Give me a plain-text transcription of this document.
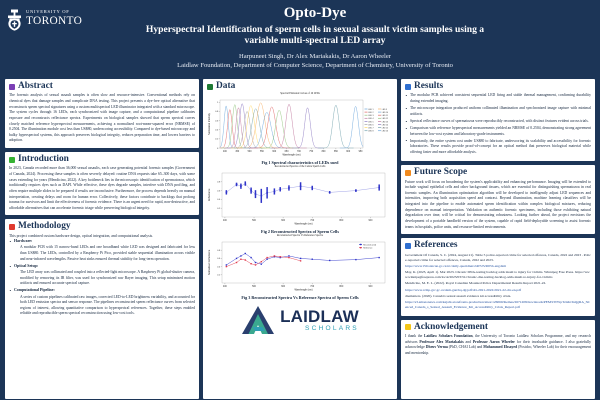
UNIVERSITY OF
TORONTO	Opto-Dye
Hyperspectral Identification of sperm cells in sexual assault victim samples using a variable multi-spectral LED array
Harpuneet Singh, Dr Alex Mariakakis, Dr Aaron Wheeler
Laidlaw Foundation, Department of Computer Science, Department of Chemistry, University of Toronto
Abstract
The forensic analysis of sexual assault samples is often slow and resource-intensive. Conventional methods rely on chemical dyes that damage samples and complicate DNA testing. This project presents a dye-free optical alternative that reconstructs sperm spectral signatures using a custom multispectral LED illuminator integrated with a standard microscope. The system cycles through 16 LEDs, each synchronized with image capture, and a computational pipeline calibrates exposure and reconstructs reflectance spectra. Experiments on biological samples showed that sperm spectral curves closely matched reference hyperspectral measurements, achieving a normalized root-mean-squared error (NRMSE) of 0.2504. The illumination module cost less than US$80, underscoring accessibility. Compared to dye-based microscopy and bulky hyperspectral systems, this approach preserves biological integrity, reduces preparation time, and lowers barriers to adoption.
Introduction
In 2023, Canada recorded more than 36,000 sexual assaults, each case generating potential forensic samples (Government of Canada, 2024). Processing these samples is often severely delayed: routine DNA requests take 65–300 days, with some cases extending for years (Mendicino, 2022). A key bottleneck lies in the microscopic identification of spermatozoa, which traditionally requires dyes such as DAPI. While effective, these dyes degrade samples, interfere with DNA profiling, and often require multiple slides to be prepared if results are inconclusive. Furthermore, the process depends heavily on manual interpretation, creating delays and room for human error. Collectively, these factors contribute to backlogs that prolong trauma for survivors and limit the effectiveness of forensic evidence. There is an urgent need for rapid, non-destructive, and affordable alternatives that can accelerate forensic triage while preserving biological integrity.
Methodology
This project combined custom hardware design, optical integration, and computational analysis.
• Hardware:
A modular PCB with 15 narrow-band LEDs and one broadband white LED was designed and fabricated for less than US$80. The LEDs, controlled by a Raspberry Pi Pico, provided stable sequential illumination across visible and near-infrared wavelengths. Passive heat sinks ensured thermal stability for long-term operation.
• Optical Setup:
The LED array was collimated and coupled into a reflected-light microscope. A Raspberry Pi global-shutter camera, modified by removing its IR filter, was used for synchronized raw Bayer imaging. This setup minimized motion artifacts and ensured accurate spectral capture.
• Computational Pipeline:
A series of custom pipelines calibrated raw images, corrected LED-to-LED brightness variability, and accounted for both LED emission spectra and sensor response. The pipelines reconstructed sperm reflectance curves from selected regions of interest, allowing quantitative comparison to hyperspectral references. Together, these steps enabled reliable and reproducible sperm spectral reconstruction using low-cost tools.
Data
Spectral Emission Curves of 16 LEDs
400	450	500	550	600	650	700	750	800	850	900	950
0
0.2
0.4
0.6
0.8
1
Wavelength (nm)
Normalized Intensity
LED 1
LED 2
LED 3
LED 4
LED 5
LED 6
LED 7
LED 8
LED 9
LED 10
LED 11
LED 12
LED 13
LED 14
LED 15
LED 16
Fig 1 Spectral characteristics of LEDs used
Reconstructed Spectra of the Centre Sperm Cells
400	500	600	700	800	900
0.2
0.4
0.6
0.8
Wavelength (nm)
Reflectance
Fig 2 Reconstructed Spectra of Sperm Cells
Reconstructed Spectra Vs Reference Spectra
400	500	600	700	800	900
0.2
0.4
0.6
0.8
Wavelength (nm)
Normalized Reflectance
Reconstructed
Reference
Fig 3 Reconstructed Spectra Vs Reference Spectra of Sperm Cells
LAIDLAW
SCHOLARS
Results
• The modular PCB achieved consistent sequential LED firing and stable thermal management, confirming durability during extended imaging.
• The microscope integration produced uniform collimated illumination and synchronized image capture with minimal artifacts.
• Spectral reflectance curves of spermatozoa were reproducibly reconstructed, with distinct features evident across trials.
• Comparison with reference hyperspectral measurements yielded an NRMSE of 0.2504, demonstrating strong agreement between the low-cost system and laboratory-grade instruments.
• Importantly, the entire system cost under US$80 to fabricate, underscoring its scalability and accessibility for forensic laboratories. These results provide proof-of-concept for an optical method that preserves biological material while offering faster and more affordable analysis.
Future Scope
Future work will focus on broadening the system's applicability and enhancing performance. Imaging will be extended to include vaginal epithelial cells and other background tissues, which are essential for distinguishing spermatozoa in real forensic samples. An illumination optimization algorithm will be developed to intelligently adjust LED sequences and intensities, improving both acquisition speed and contrast. Beyond illumination, machine learning classifiers will be integrated into the pipeline to enable automated sperm identification within complex biological mixtures, reducing dependence on manual interpretation. Validation on authentic forensic specimens, including those exhibiting natural degradation over time, will be critical for demonstrating robustness. Looking further ahead, the project envisions the development of a portable handheld version of the system, capable of rapid field-deployable screening to assist forensic teams in hospitals, police units, and resource-limited environments.
References
Government Of Canada, S. C. (2024, August 21). Table 5 police-reported crime for selected offences, Canada, 2022 and 2023 . Police-reported crime for selected offences, Canada, 2022 and 2023.
https://www150.statcan.gc.ca/n1/daily-quotidien/240725/t005b-eng.htm
May, K. (2023, April 1). Mar 2023. Chronic DNA-testing backlog adds insult to injury for victims. Winnipeg Free Press. https://www.winnipegfreepress.com/local/2023/03/31/chronic-dna-testing-backlog-adds-insult-to-injury-for-victims
Mendicino, M. E. L. (2022). Royal Canadian Mounted Police Departmental Results Report 2021-22.
https://www.rcmp-grc.gc.ca/dam-gan/hq-dg/pdf/drr-2021-2022/2021-22-drr-en.pdf
dnamatters. (2020). Canada's sexual assault evidence kit accessibility crisis.
https://s3.amazonaws.com/kajabi-storefronts-production/sites/126060/themes/2671208/downloads/PEM3/WWpTznKvInQgRA_Silenced_Canada_s_Sexual_Assault_Evidence_Kit_Accessibility_Crisis_Report.pdf
Acknowledgement
I thank the Laidlaw Scholars Foundation, the University of Toronto Laidlaw Scholars Programme, and my research advisors Professor Alex Mariakakis and Professor Aaron Wheeler for their invaluable guidance. I also gratefully acknowledge Dhruv Verma (PhD, CHAI Lab) and Mohammed Ehsayed (Postdoc, Wheeler Lab) for their encouragement and mentorship.
